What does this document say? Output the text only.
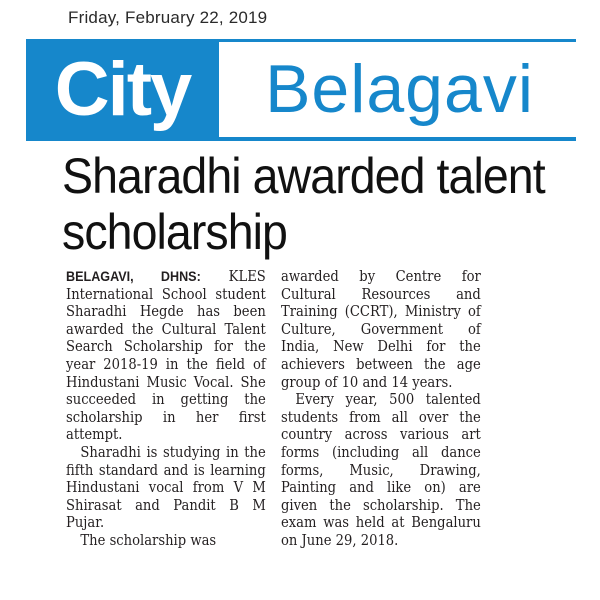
Friday, February 22, 2019
City	Belagavi
Sharadhi awarded talent scholarship

BELAGAVI, DHNS: KLES International School student Sharadhi Hegde has been awarded the Cultural Talent Search Scholarship for the year 2018-19 in the field of Hindustani Music Vocal. She succeeded in getting the scholarship in her first attempt.

Sharadhi is studying in the fifth standard and is learning Hindustani vocal from V M Shirasat and Pandit B M Pujar.

The scholarship was

awarded by Centre for Cultural Resources and Training (CCRT), Ministry of Culture, Government of India, New Delhi for the achievers between the age group of 10 and 14 years.

Every year, 500 talented students from all over the country across various art forms (including all dance forms, Music, Drawing, Painting and like on) are given the scholarship. The exam was held at Bengaluru on June 29, 2018.
